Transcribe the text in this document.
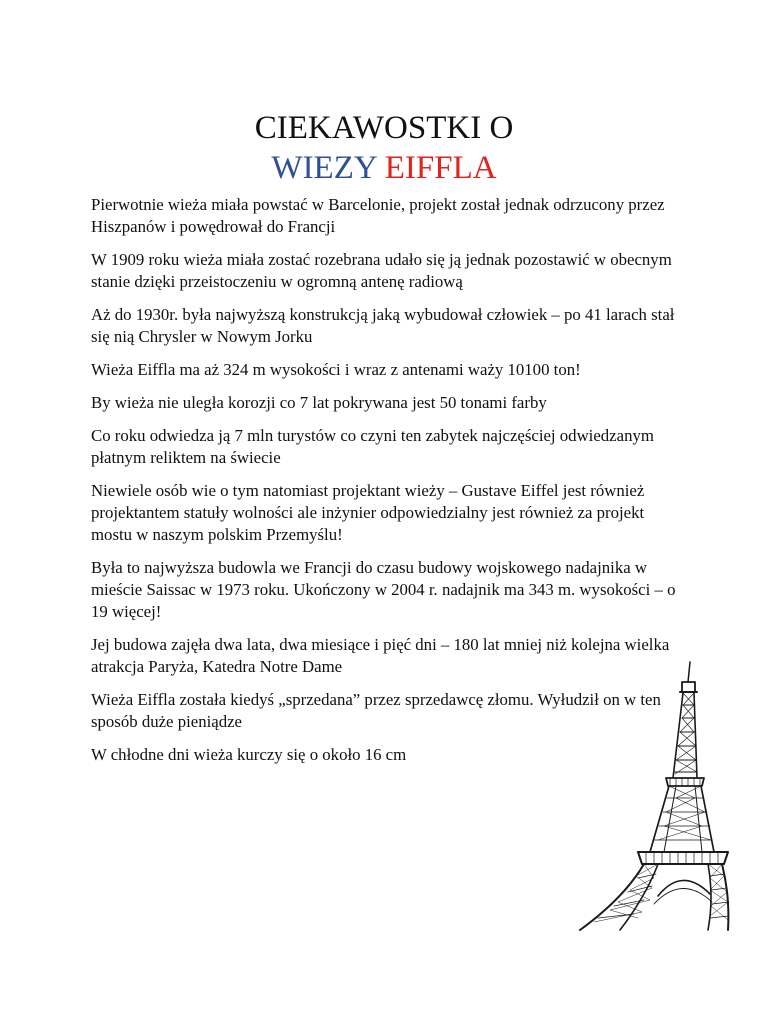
CIEKAWOSTKI O
WIEZY EIFFLA
Pierwotnie wieża miała powstać w Barcelonie, projekt został jednak odrzucony przez Hiszpanów i powędrował do Francji
W 1909 roku wieża miała zostać rozebrana udało się ją jednak pozostawić w obecnym stanie dzięki przeistoczeniu w ogromną antenę radiową
Aż do 1930r. była najwyższą konstrukcją jaką wybudował człowiek – po 41 larach stał się nią Chrysler w Nowym Jorku
Wieża Eiffla ma aż 324 m wysokości i wraz z antenami waży 10100 ton!
By wieża nie uległa korozji co 7 lat pokrywana jest 50 tonami farby
Co roku odwiedza ją 7 mln turystów co czyni ten zabytek najczęściej odwiedzanym płatnym reliktem na świecie
Niewiele osób wie o tym natomiast projektant wieży – Gustave Eiffel jest również projektantem statuły wolności ale inżynier odpowiedzialny jest również za projekt mostu w naszym polskim Przemyślu!
Była to najwyższa budowla we Francji do czasu budowy wojskowego nadajnika w mieście Saissac w 1973 roku. Ukończony w 2004 r. nadajnik ma 343 m. wysokości – o 19 więcej!
Jej budowa zajęła dwa lata, dwa miesiące i pięć dni – 180 lat mniej niż kolejna wielka atrakcja Paryża, Katedra Notre Dame
Wieża Eiffla została kiedyś „sprzedana” przez sprzedawcę złomu. Wyłudził on w ten sposób duże pieniądze
W chłodne dni wieża kurczy się o około 16 cm
